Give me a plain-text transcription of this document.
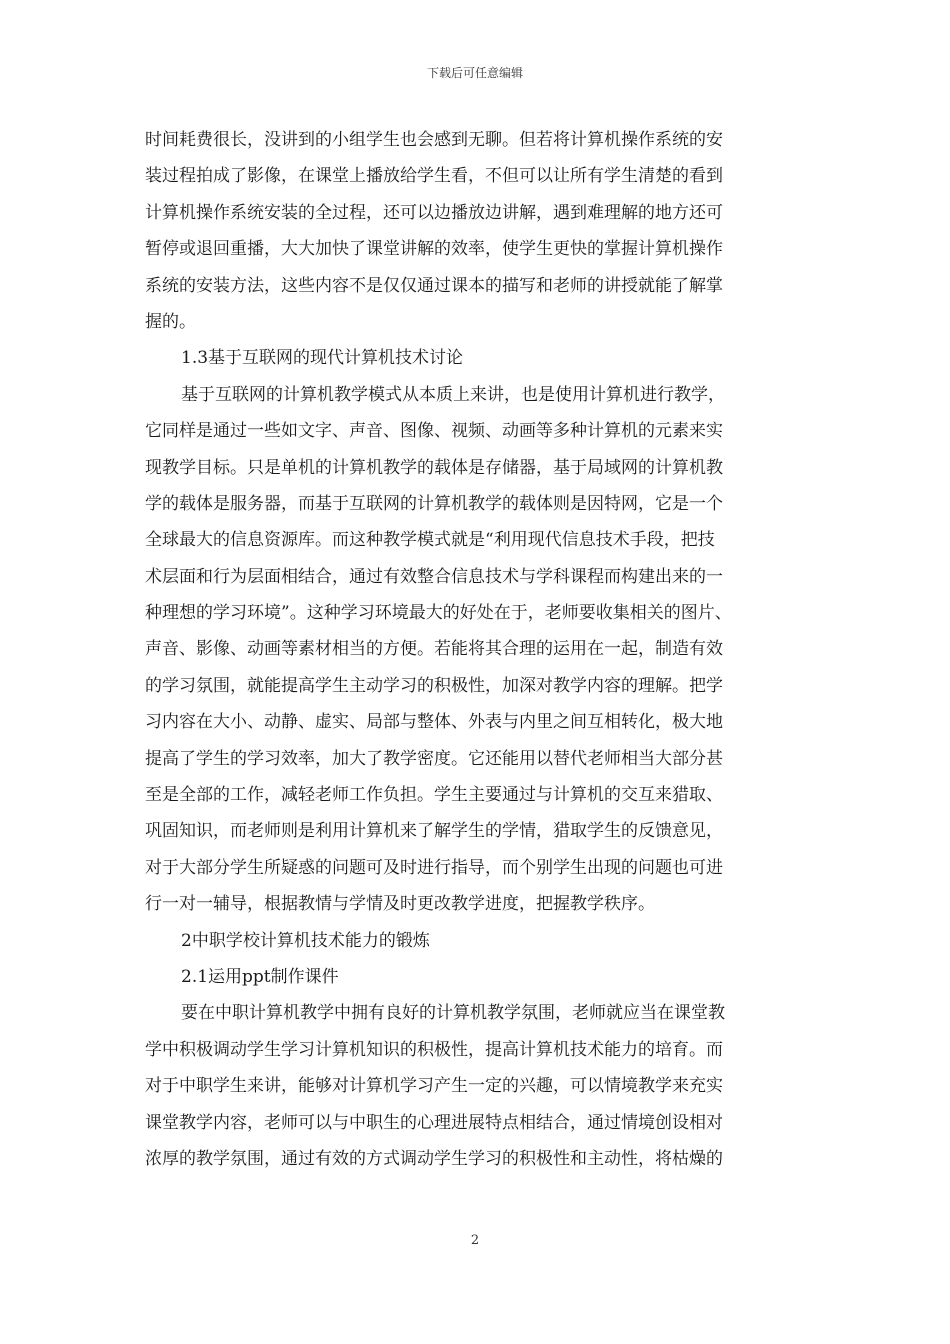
下载后可任意编辑
时间耗费很长，没讲到的小组学生也会感到无聊。但若将计算机操作系统的安
装过程拍成了影像，在课堂上播放给学生看，不但可以让所有学生清楚的看到
计算机操作系统安装的全过程，还可以边播放边讲解，遇到难理解的地方还可
暂停或退回重播，大大加快了课堂讲解的效率，使学生更快的掌握计算机操作
系统的安装方法，这些内容不是仅仅通过课本的描写和老师的讲授就能了解掌
握的。
1.3基于互联网的现代计算机技术讨论
基于互联网的计算机教学模式从本质上来讲，也是使用计算机进行教学，
它同样是通过一些如文字、声音、图像、视频、动画等多种计算机的元素来实
现教学目标。只是单机的计算机教学的载体是存储器，基于局域网的计算机教
学的载体是服务器，而基于互联网的计算机教学的载体则是因特网，它是一个
全球最大的信息资源库。而这种教学模式就是“利用现代信息技术手段，把技
术层面和行为层面相结合，通过有效整合信息技术与学科课程而构建出来的一
种理想的学习环境”。这种学习环境最大的好处在于，老师要收集相关的图片、
声音、影像、动画等素材相当的方便。若能将其合理的运用在一起，制造有效
的学习氛围，就能提高学生主动学习的积极性，加深对教学内容的理解。把学
习内容在大小、动静、虚实、局部与整体、外表与内里之间互相转化，极大地
提高了学生的学习效率，加大了教学密度。它还能用以替代老师相当大部分甚
至是全部的工作，减轻老师工作负担。学生主要通过与计算机的交互来猎取、
巩固知识，而老师则是利用计算机来了解学生的学情，猎取学生的反馈意见，
对于大部分学生所疑惑的问题可及时进行指导，而个别学生出现的问题也可进
行一对一辅导，根据教情与学情及时更改教学进度，把握教学秩序。
2中职学校计算机技术能力的锻炼
2.1运用ppt制作课件
要在中职计算机教学中拥有良好的计算机教学氛围，老师就应当在课堂教
学中积极调动学生学习计算机知识的积极性，提高计算机技术能力的培育。而
对于中职学生来讲，能够对计算机学习产生一定的兴趣，可以情境教学来充实
课堂教学内容，老师可以与中职生的心理进展特点相结合，通过情境创设相对
浓厚的教学氛围，通过有效的方式调动学生学习的积极性和主动性，将枯燥的
2
